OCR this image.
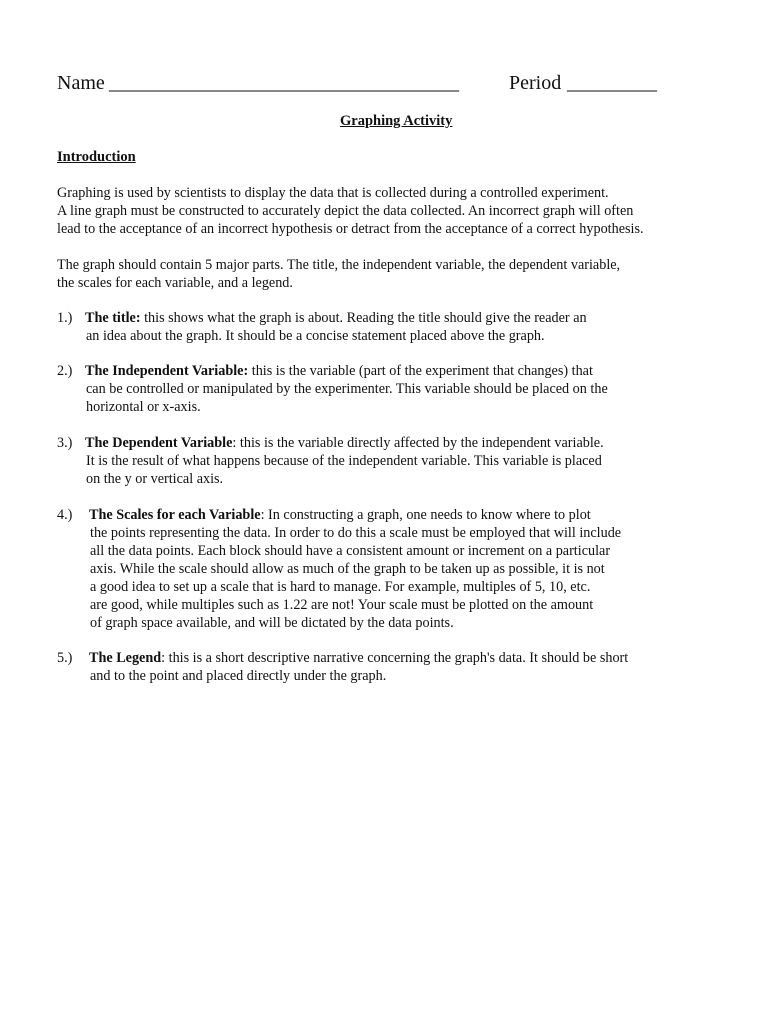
Name ___________________________________	Period _________
Graphing Activity
Introduction
Graphing is used by scientists to display the data that is collected during a controlled experiment.
A line graph must be constructed to accurately depict the data collected. An incorrect graph will often
lead to the acceptance of an incorrect hypothesis or detract from the acceptance of a correct hypothesis.
The graph should contain 5 major parts. The title, the independent variable, the dependent variable,
the scales for each variable, and a legend.
1.) The title: this shows what the graph is about. Reading the title should give the reader an
an idea about the graph. It should be a concise statement placed above the graph.
2.) The Independent Variable: this is the variable (part of the experiment that changes) that
can be controlled or manipulated by the experimenter. This variable should be placed on the
horizontal or x-axis.
3.) The Dependent Variable: this is the variable directly affected by the independent variable.
It is the result of what happens because of the independent variable. This variable is placed
on the y or vertical axis.
4.) The Scales for each Variable: In constructing a graph, one needs to know where to plot
the points representing the data. In order to do this a scale must be employed that will include
all the data points. Each block should have a consistent amount or increment on a particular
axis. While the scale should allow as much of the graph to be taken up as possible, it is not
a good idea to set up a scale that is hard to manage. For example, multiples of 5, 10, etc.
are good, while multiples such as 1.22 are not! Your scale must be plotted on the amount
of graph space available, and will be dictated by the data points.
5.) The Legend: this is a short descriptive narrative concerning the graph's data. It should be short
and to the point and placed directly under the graph.
